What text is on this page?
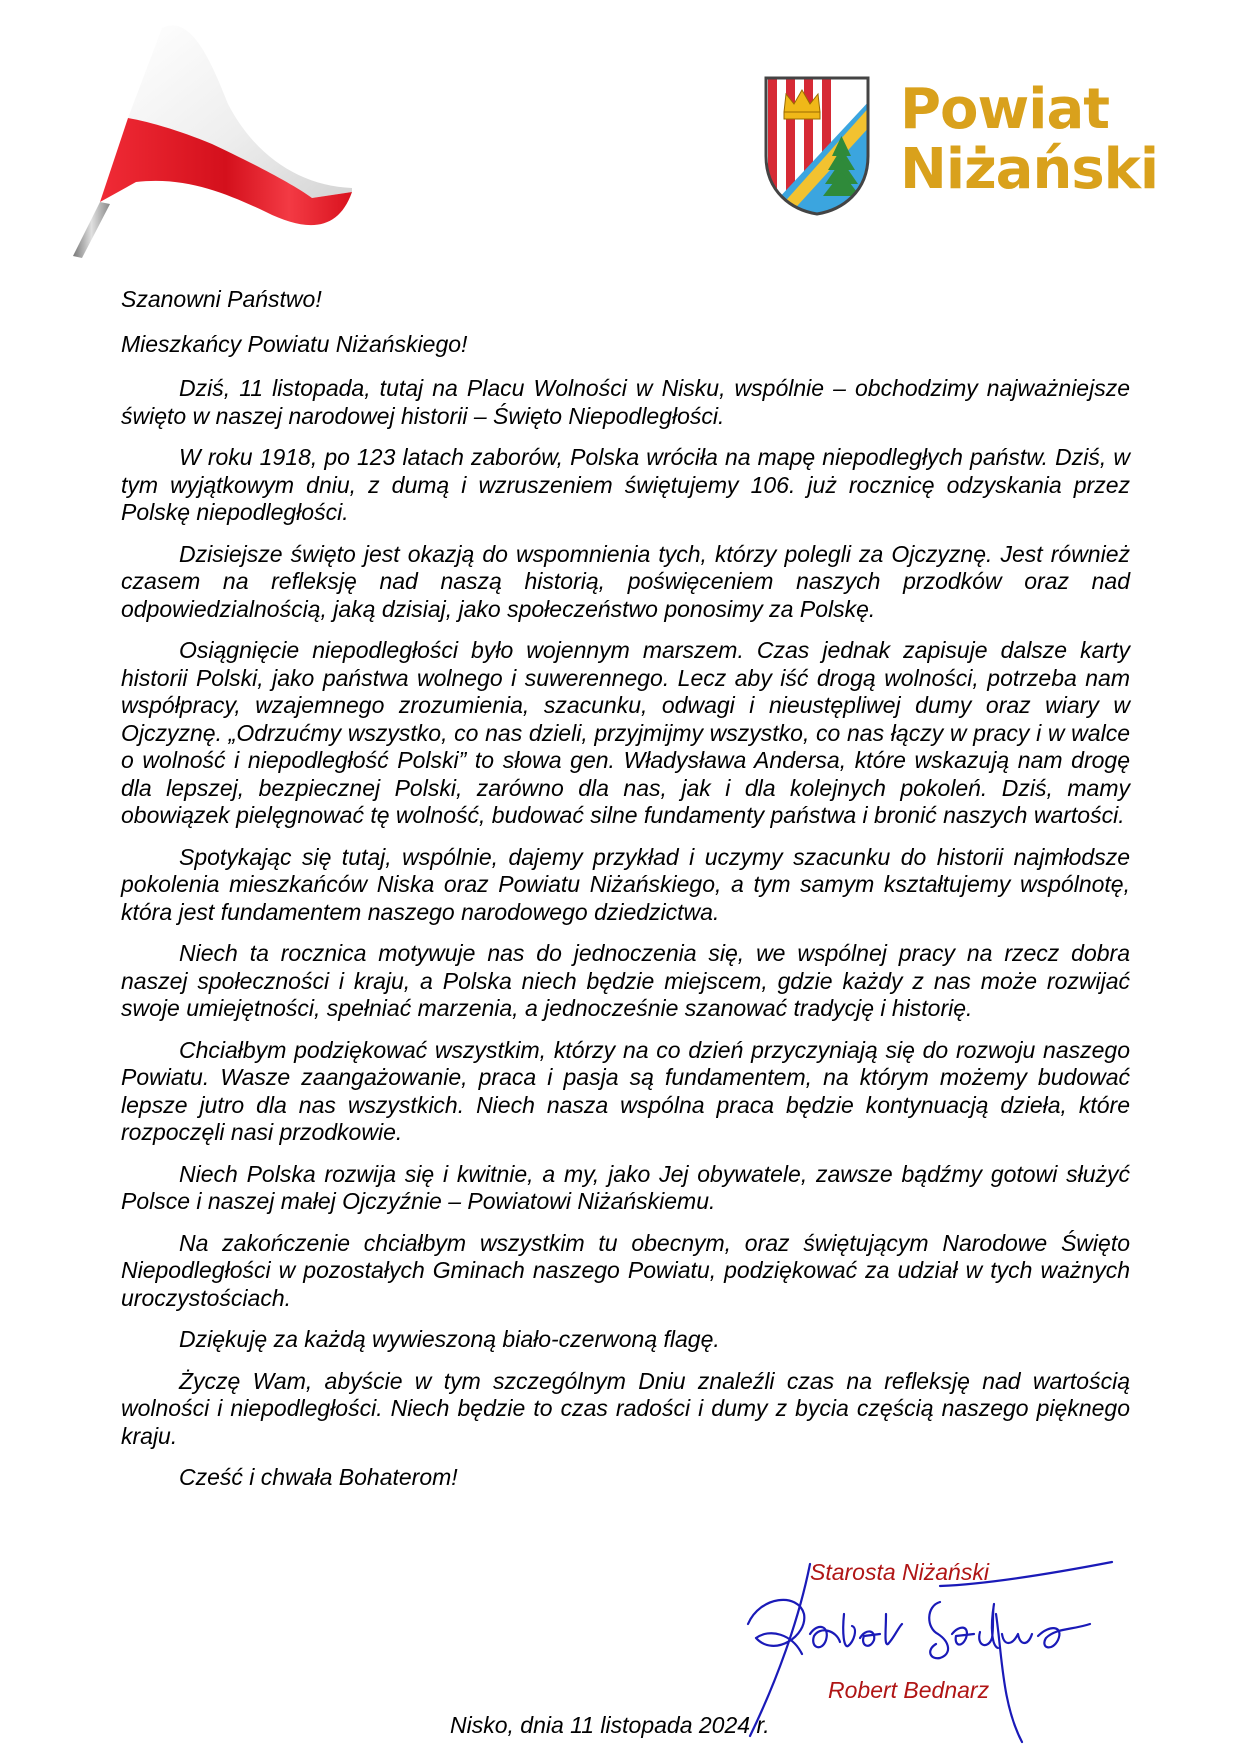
Powiat
Niżański

Szanowni Państwo!

Mieszkańcy Powiatu Niżańskiego!

Dziś, 11 listopada, tutaj na Placu Wolności w Nisku, wspólnie – obchodzimy najważniejsze święto w naszej narodowej historii – Święto Niepodległości.

W roku 1918, po 123 latach zaborów, Polska wróciła na mapę niepodległych państw. Dziś, w tym wyjątkowym dniu, z dumą i wzruszeniem świętujemy 106. już rocznicę odzyskania przez Polskę niepodległości.

Dzisiejsze święto jest okazją do wspomnienia tych, którzy polegli za Ojczyznę. Jest również czasem na refleksję nad naszą historią, poświęceniem naszych przodków oraz nad odpowiedzialnością, jaką dzisiaj, jako społeczeństwo ponosimy za Polskę.

Osiągnięcie niepodległości było wojennym marszem. Czas jednak zapisuje dalsze karty historii Polski, jako państwa wolnego i suwerennego. Lecz aby iść drogą wolności, potrzeba nam współpracy, wzajemnego zrozumienia, szacunku, odwagi i nieustępliwej dumy oraz wiary w Ojczyznę. „Odrzućmy wszystko, co nas dzieli, przyjmijmy wszystko, co nas łączy w pracy i w walce o wolność i niepodległość Polski” to słowa gen. Władysława Andersa, które wskazują nam drogę dla lepszej, bezpiecznej Polski, zarówno dla nas, jak i dla kolejnych pokoleń. Dziś, mamy obowiązek pielęgnować tę wolność, budować silne fundamenty państwa i bronić naszych wartości.

Spotykając się tutaj, wspólnie, dajemy przykład i uczymy szacunku do historii najmłodsze pokolenia mieszkańców Niska oraz Powiatu Niżańskiego, a tym samym kształtujemy wspólnotę, która jest fundamentem naszego narodowego dziedzictwa.

Niech ta rocznica motywuje nas do jednoczenia się, we wspólnej pracy na rzecz dobra naszej społeczności i kraju, a Polska niech będzie miejscem, gdzie każdy z nas może rozwijać swoje umiejętności, spełniać marzenia, a jednocześnie szanować tradycję i historię.

Chciałbym podziękować wszystkim, którzy na co dzień przyczyniają się do rozwoju naszego Powiatu. Wasze zaangażowanie, praca i pasja są fundamentem, na którym możemy budować lepsze jutro dla nas wszystkich. Niech nasza wspólna praca będzie kontynuacją dzieła, które rozpoczęli nasi przodkowie.

Niech Polska rozwija się i kwitnie, a my, jako Jej obywatele, zawsze bądźmy gotowi służyć Polsce i naszej małej Ojczyźnie – Powiatowi Niżańskiemu.

Na zakończenie chciałbym wszystkim tu obecnym, oraz świętującym Narodowe Święto Niepodległości w pozostałych Gminach naszego Powiatu, podziękować za udział w tych ważnych uroczystościach.

Dziękuję za każdą wywieszoną biało-czerwoną flagę.

Życzę Wam, abyście w tym szczególnym Dniu znaleźli czas na refleksję nad wartością wolności i niepodległości. Niech będzie to czas radości i dumy z bycia częścią naszego pięknego kraju.

Cześć i chwała Bohaterom!

Starosta Niżański
Robert Bednarz
Nisko, dnia 11 listopada 2024 r.
